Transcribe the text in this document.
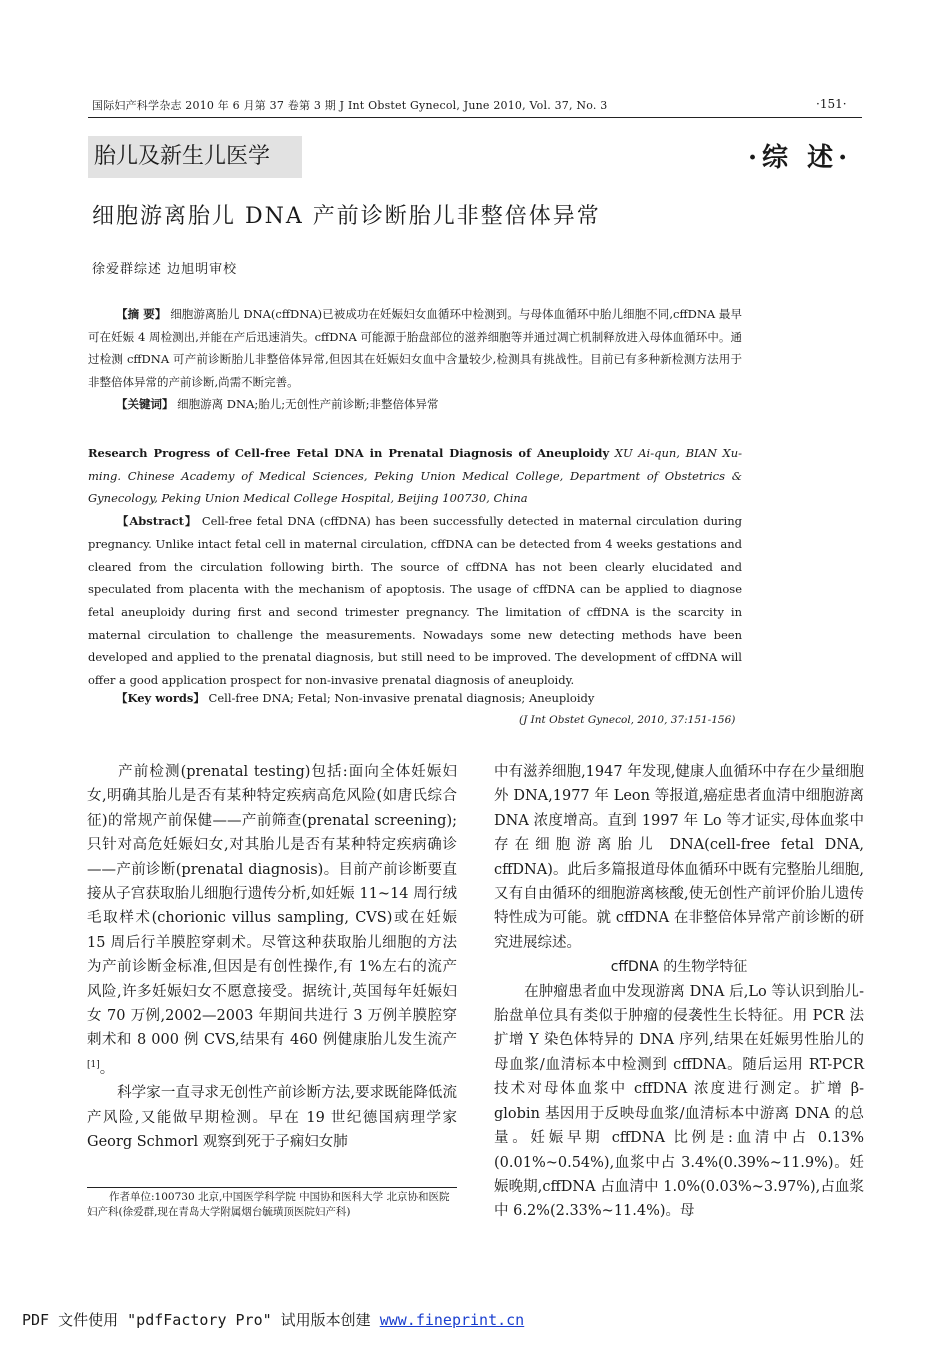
国际妇产科学杂志 2010 年 6 月第 37 卷第 3 期 J Int Obstet Gynecol, June 2010, Vol. 37, No. 3	·151·
胎儿及新生儿医学	·综 述·
细胞游离胎儿 DNA 产前诊断胎儿非整倍体异常
徐爱群综述 边旭明审校
【摘 要】 细胞游离胎儿 DNA(cffDNA)已被成功在妊娠妇女血循环中检测到。与母体血循环中胎儿细胞不同,cffDNA 最早可在妊娠 4 周检测出,并能在产后迅速消失。cffDNA 可能源于胎盘部位的滋养细胞等并通过凋亡机制释放进入母体血循环中。通过检测 cffDNA 可产前诊断胎儿非整倍体异常,但因其在妊娠妇女血中含量较少,检测具有挑战性。目前已有多种新检测方法用于非整倍体异常的产前诊断,尚需不断完善。
【关键词】 细胞游离 DNA;胎儿;无创性产前诊断;非整倍体异常
Research Progress of Cell-free Fetal DNA in Prenatal Diagnosis of Aneuploidy XU Ai-qun, BIAN Xu-ming. Chinese Academy of Medical Sciences, Peking Union Medical College, Department of Obstetrics & Gynecology, Peking Union Medical College Hospital, Beijing 100730, China
【Abstract】 Cell-free fetal DNA (cffDNA) has been successfully detected in maternal circulation during pregnancy. Unlike intact fetal cell in maternal circulation, cffDNA can be detected from 4 weeks gestations and cleared from the circulation following birth. The source of cffDNA has not been clearly elucidated and speculated from placenta with the mechanism of apoptosis. The usage of cffDNA can be applied to diagnose fetal aneuploidy during first and second trimester pregnancy. The limitation of cffDNA is the scarcity in maternal circulation to challenge the measurements. Nowadays some new detecting methods have been developed and applied to the prenatal diagnosis, but still need to be improved. The development of cffDNA will offer a good application prospect for non-invasive prenatal diagnosis of aneuploidy.
【Key words】 Cell-free DNA; Fetal; Non-invasive prenatal diagnosis; Aneuploidy
(J Int Obstet Gynecol, 2010, 37:151-156)

产前检测(prenatal testing)包括:面向全体妊娠妇女,明确其胎儿是否有某种特定疾病高危风险(如唐氏综合征)的常规产前保健——产前筛查(prenatal screening);只针对高危妊娠妇女,对其胎儿是否有某种特定疾病确诊——产前诊断(prenatal diagnosis)。目前产前诊断要直接从子宫获取胎儿细胞行遗传分析,如妊娠 11~14 周行绒毛取样术(chorionic villus sampling, CVS)或在妊娠 15 周后行羊膜腔穿刺术。尽管这种获取胎儿细胞的方法为产前诊断金标准,但因是有创性操作,有 1%左右的流产风险,许多妊娠妇女不愿意接受。据统计,英国每年妊娠妇女 70 万例,2002—2003 年期间共进行 3 万例羊膜腔穿刺术和 8 000 例 CVS,结果有 460 例健康胎儿发生流产[1]。

科学家一直寻求无创性产前诊断方法,要求既能降低流产风险,又能做早期检测。早在 19 世纪德国病理学家 Georg Schmorl 观察到死于子痫妇女肺

中有滋养细胞,1947 年发现,健康人血循环中存在少量细胞外 DNA,1977 年 Leon 等报道,癌症患者血清中细胞游离 DNA 浓度增高。直到 1997 年 Lo 等才证实,母体血浆中存在细胞游离胎儿 DNA(cell-free fetal DNA, cffDNA)。此后多篇报道母体血循环中既有完整胎儿细胞,又有自由循环的细胞游离核酸,使无创性产前评价胎儿遗传特性成为可能。就 cffDNA 在非整倍体异常产前诊断的研究进展综述。

cffDNA 的生物学特征

在肿瘤患者血中发现游离 DNA 后,Lo 等认识到胎儿-胎盘单位具有类似于肿瘤的侵袭性生长特征。用 PCR 法扩增 Y 染色体特异的 DNA 序列,结果在妊娠男性胎儿的母血浆/血清标本中检测到 cffDNA。随后运用 RT-PCR 技术对母体血浆中 cffDNA 浓度进行测定。扩增 β-globin 基因用于反映母血浆/血清标本中游离 DNA 的总量。妊娠早期 cffDNA 比例是:血清中占 0.13%(0.01%~0.54%),血浆中占 3.4%(0.39%~11.9%)。妊娠晚期,cffDNA 占血清中 1.0%(0.03%~3.97%),占血浆中 6.2%(2.33%~11.4%)。母

作者单位:100730 北京,中国医学科学院 中国协和医科大学 北京协和医院妇产科(徐爱群,现在青岛大学附属烟台毓璜顶医院妇产科)
PDF 文件使用 "pdfFactory Pro" 试用版本创建 www.fineprint.cn
